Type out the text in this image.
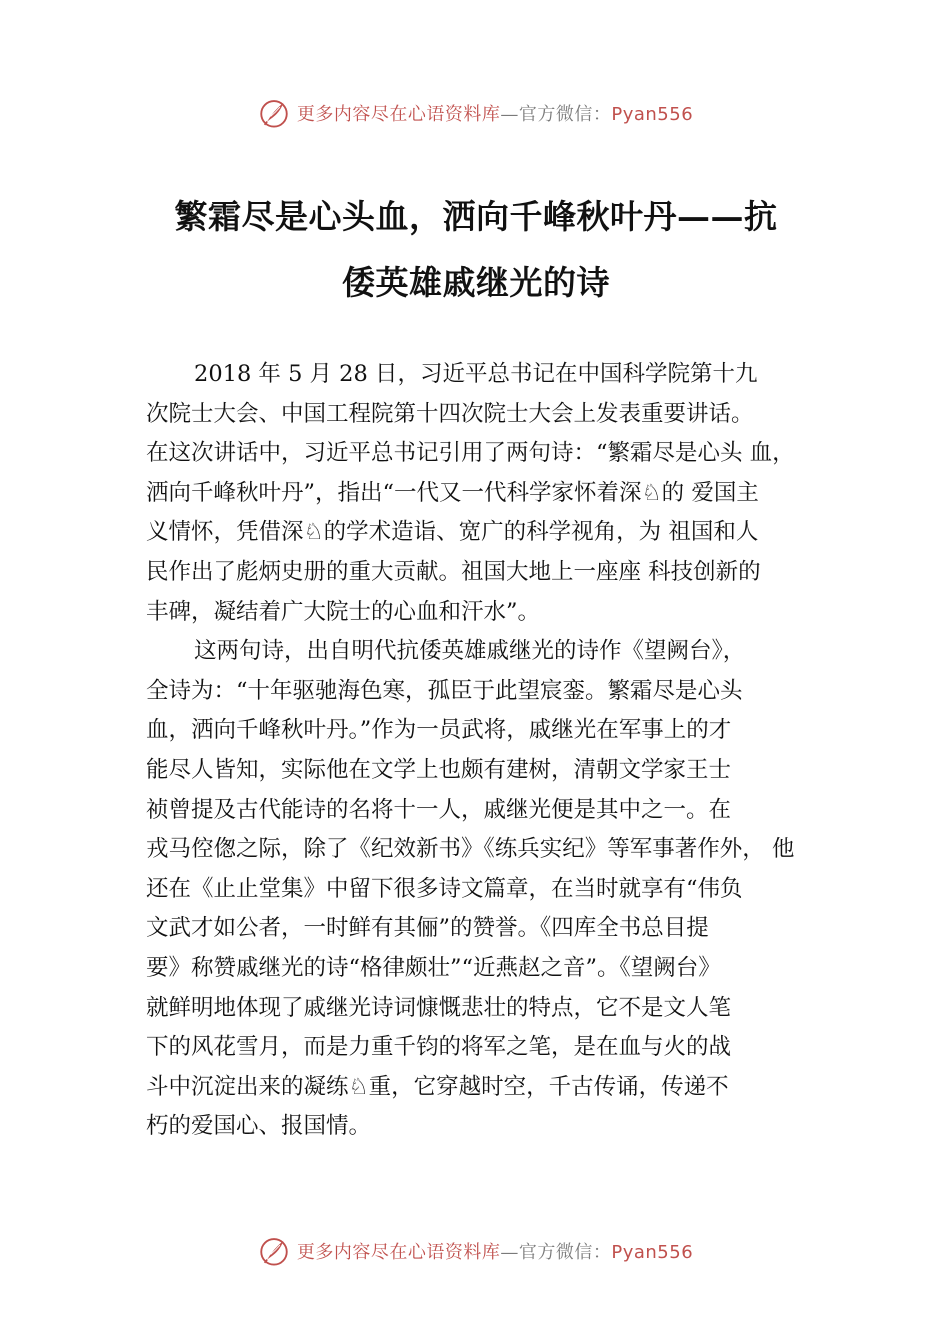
更多内容尽在心语资料库—官方微信：Pyan556
繁霜尽是心头血，洒向千峰秋叶丹——抗
倭英雄戚继光的诗
2018 年 5 月 28 日，习近平总书记在中国科学院第十九
次院士大会、中国工程院第十四次院士大会上发表重要讲话。
在这次讲话中，习近平总书记引用了两句诗：“繁霜尽是心头 血，
洒向千峰秋叶丹”，指出“一代又一代科学家怀着深♘的 爱国主
义情怀，凭借深♘的学术造诣、宽广的科学视角，为 祖国和人
民作出了彪炳史册的重大贡献。祖国大地上一座座 科技创新的
丰碑，凝结着广大院士的心血和汗水”。
这两句诗，出自明代抗倭英雄戚继光的诗作《望阙台》，
全诗为：“十年驱驰海色寒，孤臣于此望宸銮。繁霜尽是心头
血，洒向千峰秋叶丹。”作为一员武将，戚继光在军事上的才
能尽人皆知，实际他在文学上也颇有建树，清朝文学家王士
祯曾提及古代能诗的名将十一人，戚继光便是其中之一。在
戎马倥偬之际，除了《纪效新书》《练兵实纪》等军事著作外， 他
还在《止止堂集》中留下很多诗文篇章，在当时就享有“伟负
文武才如公者，一时鲜有其俪”的赞誉。《四库全书总目提
要》称赞戚继光的诗“格律颇壮”“近燕赵之音”。《望阙台》
就鲜明地体现了戚继光诗词慷慨悲壮的特点，它不是文人笔
下的风花雪月，而是力重千钧的将军之笔，是在血与火的战
斗中沉淀出来的凝练♘重，它穿越时空，千古传诵，传递不
朽的爱国心、报国情。
更多内容尽在心语资料库—官方微信：Pyan556
